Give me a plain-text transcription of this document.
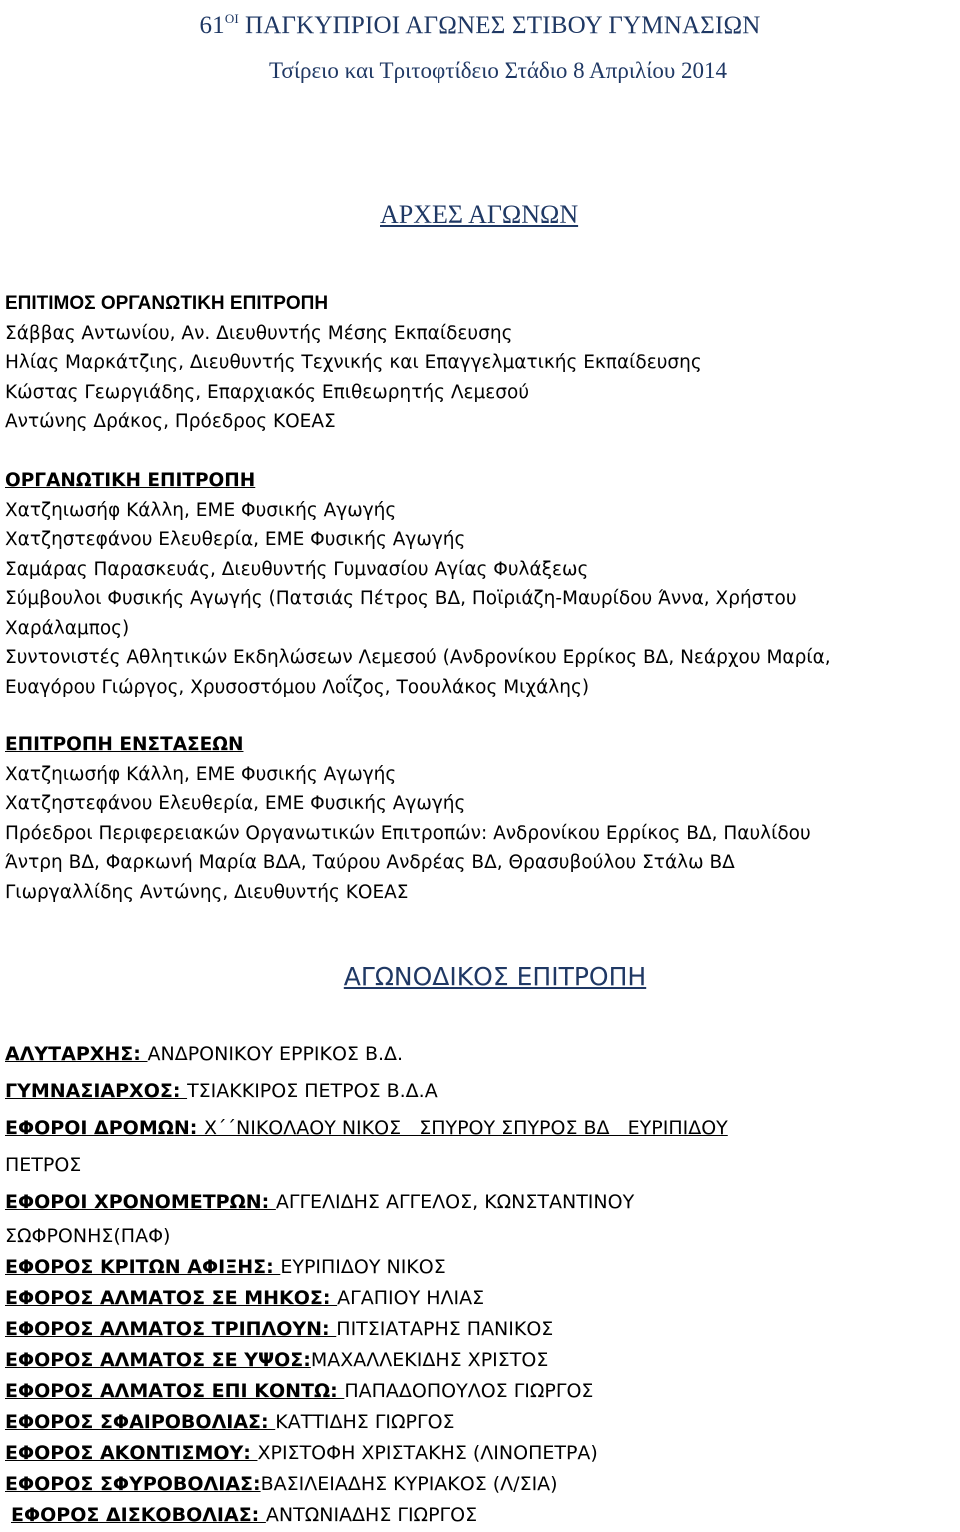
$61^{OI}$ ΠΑΓΚΥΠΡΙΟΙ ΑΓΩΝΕΣ ΣΤΙΒΟΥ ΓΥΜΝΑΣΙΩΝ
Τσίρειο και Τριτοφτίδειο Στάδιο 8 Απριλίου 2014
ΑΡΧΕΣ ΑΓΩΝΩΝ
ΕΠΙΤΙΜΟΣ ΟΡΓΑΝΩΤΙΚΗ ΕΠΙΤΡΟΠΗ
Σάββας Αντωνίου, Αν. Διευθυντής Μέσης Εκπαίδευσης
Ηλίας Μαρκάτζιης, Διευθυντής Τεχνικής και Επαγγελματικής Εκπαίδευσης
Κώστας Γεωργιάδης, Επαρχιακός Επιθεωρητής Λεμεσού
Αντώνης Δράκος, Πρόεδρος ΚΟΕΑΣ
ΟΡΓΑΝΩΤΙΚΗ ΕΠΙΤΡΟΠΗ
Χατζηιωσήφ Κάλλη, ΕΜΕ Φυσικής Αγωγής
Χατζηστεφάνου Ελευθερία, ΕΜΕ Φυσικής Αγωγής
Σαμάρας Παρασκευάς, Διευθυντής Γυμνασίου Αγίας Φυλάξεως
Σύμβουλοι Φυσικής Αγωγής (Πατσιάς Πέτρος ΒΔ, Ποϊριάζη-Μαυρίδου Άννα, Χρήστου
Χαράλαμπος)
Συντονιστές Αθλητικών Εκδηλώσεων Λεμεσού (Ανδρονίκου Ερρίκος ΒΔ, Νεάρχου Μαρία,
Ευαγόρου Γιώργος, Χρυσοστόμου Λοΐζος, Τοουλάκος Μιχάλης)
ΕΠΙΤΡΟΠΗ ΕΝΣΤΑΣΕΩΝ
Χατζηιωσήφ Κάλλη, ΕΜΕ Φυσικής Αγωγής
Χατζηστεφάνου Ελευθερία, ΕΜΕ Φυσικής Αγωγής
Πρόεδροι Περιφερειακών Οργανωτικών Επιτροπών: Ανδρονίκου Ερρίκος ΒΔ, Παυλίδου
Άντρη ΒΔ, Φαρκωνή Μαρία ΒΔΑ, Ταύρου Ανδρέας ΒΔ, Θρασυβούλου Στάλω ΒΔ
Γιωργαλλίδης Αντώνης, Διευθυντής ΚΟΕΑΣ
ΑΓΩΝΟΔΙΚΟΣ ΕΠΙΤΡΟΠΗ
ΑΛΥΤΑΡΧΗΣ: ΑΝΔΡΟΝΙΚΟΥ ΕΡΡΙΚΟΣ Β.Δ.
ΓΥΜΝΑΣΙΑΡΧΟΣ: ΤΣΙΑΚΚΙΡΟΣ ΠΕΤΡΟΣ Β.Δ.Α
ΕΦΟΡΟΙ ΔΡΟΜΩΝ: Χ΄΄ΝΙΚΟΛΑΟΥ ΝΙΚΟΣ   ΣΠΥΡΟΥ ΣΠΥΡΟΣ ΒΔ   ΕΥΡΙΠΙΔΟΥ
ΠΕΤΡΟΣ
ΕΦΟΡΟΙ ΧΡΟΝΟΜΕΤΡΩΝ: ΑΓΓΕΛΙΔΗΣ ΑΓΓΕΛΟΣ, ΚΩΝΣΤΑΝΤΙΝΟΥ
ΣΩΦΡΟΝΗΣ(ΠΑΦ)
ΕΦΟΡΟΣ ΚΡΙΤΩΝ ΑΦΙΞΗΣ: ΕΥΡΙΠΙΔΟΥ ΝΙΚΟΣ
ΕΦΟΡΟΣ ΑΛΜΑΤΟΣ ΣΕ ΜΗΚΟΣ: ΑΓΑΠΙΟΥ ΗΛΙΑΣ
ΕΦΟΡΟΣ ΑΛΜΑΤΟΣ ΤΡΙΠΛΟΥΝ: ΠΙΤΣΙΑΤΑΡΗΣ ΠΑΝΙΚΟΣ
ΕΦΟΡΟΣ ΑΛΜΑΤΟΣ ΣΕ ΥΨΟΣ:ΜΑΧΑΛΛΕΚΙΔΗΣ ΧΡΙΣΤΟΣ
ΕΦΟΡΟΣ ΑΛΜΑΤΟΣ ΕΠΙ ΚΟΝΤΩ: ΠΑΠΑΔΟΠΟΥΛΟΣ ΓΙΩΡΓΟΣ
ΕΦΟΡΟΣ ΣΦΑΙΡΟΒΟΛΙΑΣ: ΚΑΤΤΙΔΗΣ ΓΙΩΡΓΟΣ
ΕΦΟΡΟΣ ΑΚΟΝΤΙΣΜΟΥ: ΧΡΙΣΤΟΦΗ ΧΡΙΣΤΑΚΗΣ (ΛΙΝΟΠΕΤΡΑ)
ΕΦΟΡΟΣ ΣΦΥΡΟΒΟΛΙΑΣ:ΒΑΣΙΛΕΙΑΔΗΣ ΚΥΡΙΑΚΟΣ (Λ/ΣΙΑ)
ΕΦΟΡΟΣ ΔΙΣΚΟΒΟΛΙΑΣ: ΑΝΤΩΝΙΑΔΗΣ ΓΙΩΡΓΟΣ
